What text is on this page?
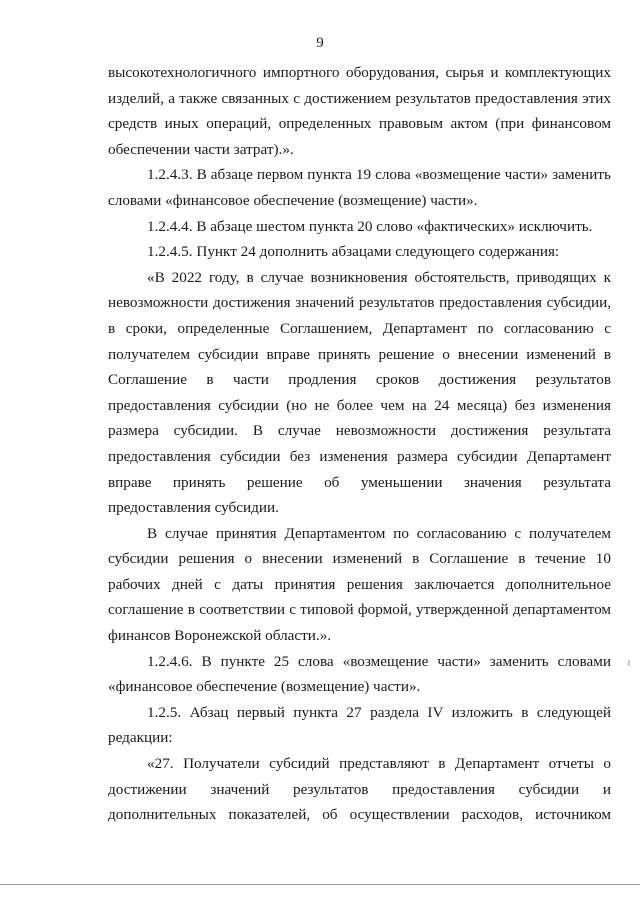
9

высокотехнологичного импортного оборудования, сырья и комплектующих изделий, а также связанных с достижением результатов предоставления этих средств иных операций, определенных правовым актом (при финансовом обеспечении части затрат).».

1.2.4.3. В абзаце первом пункта 19 слова «возмещение части» заменить словами «финансовое обеспечение (возмещение) части».

1.2.4.4. В абзаце шестом пункта 20 слово «фактических» исключить.

1.2.4.5. Пункт 24 дополнить абзацами следующего содержания:

«В 2022 году, в случае возникновения обстоятельств, приводящих к невозможности достижения значений результатов предоставления субсидии, в сроки, определенные Соглашением, Департамент по согласованию с получателем субсидии вправе принять решение о внесении изменений в Соглашение в части продления сроков достижения результатов предоставления субсидии (но не более чем на 24 месяца) без изменения размера субсидии. В случае невозможности достижения результата предоставления субсидии без изменения размера субсидии Департамент вправе принять решение об уменьшении значения результата предоставления субсидии.

В случае принятия Департаментом по согласованию с получателем субсидии решения о внесении изменений в Соглашение в течение 10 рабочих дней с даты принятия решения заключается дополнительное соглашение в соответствии с типовой формой, утвержденной департаментом финансов Воронежской области.».

1.2.4.6. В пункте 25 слова «возмещение части» заменить словами «финансовое обеспечение (возмещение) части».

1.2.5. Абзац первый пункта 27 раздела IV изложить в следующей редакции:

«27. Получатели субсидий представляют в Департамент отчеты о достижении значений результатов предоставления субсидии и дополнительных показателей, об осуществлении расходов, источником
